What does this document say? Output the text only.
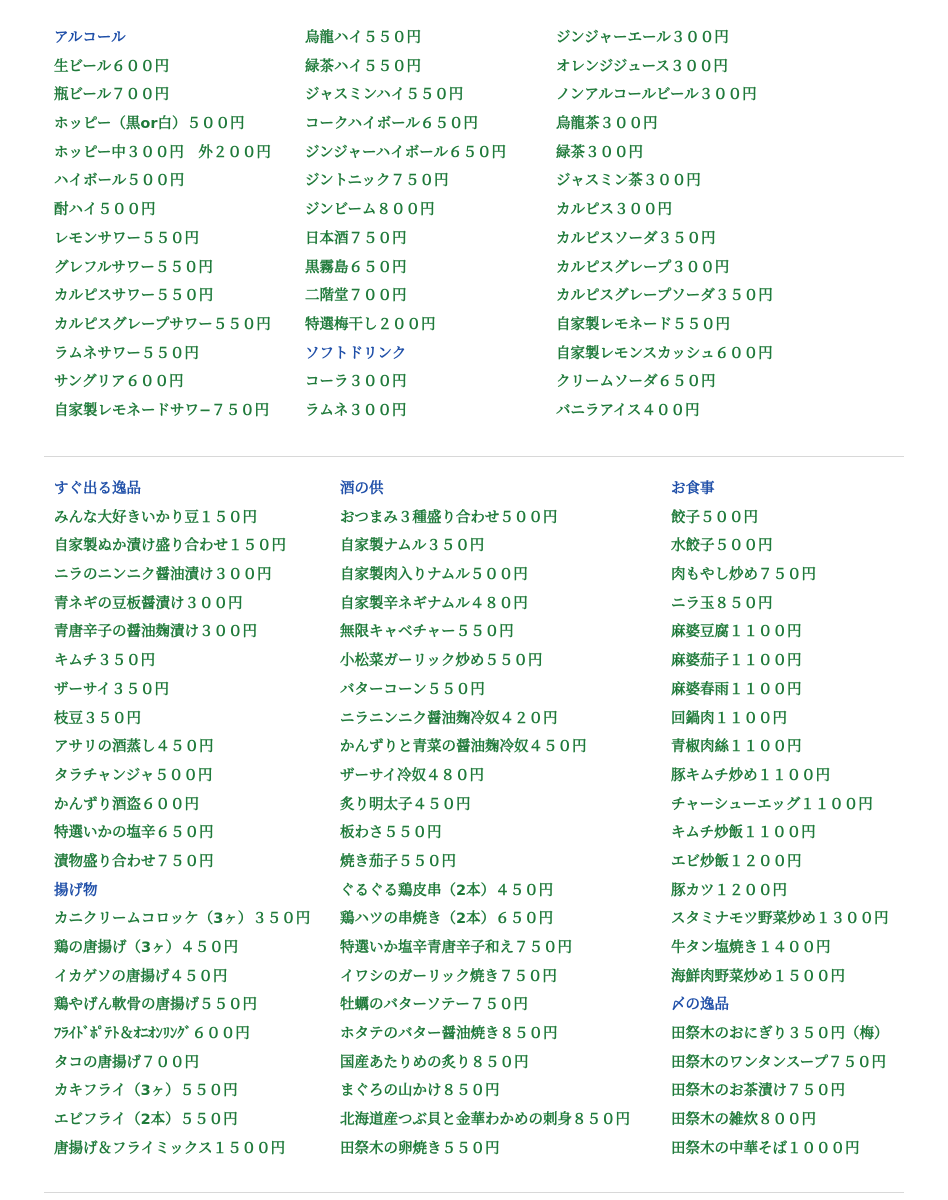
アルコール
生ビール６００円
瓶ビール７００円
ホッピー（黒or白）５００円
ホッピー中３００円　外２００円
ハイボール５００円
酎ハイ５００円
レモンサワー５５０円
グレフルサワー５５０円
カルピスサワー５５０円
カルピスグレープサワー５５０円
ラムネサワー５５０円
サングリア６００円
自家製レモネードサワ−７５０円
烏龍ハイ５５０円
緑茶ハイ５５０円
ジャスミンハイ５５０円
コークハイボール６５０円
ジンジャーハイボール６５０円
ジントニック７５０円
ジンビーム８００円
日本酒７５０円
黒霧島６５０円
二階堂７００円
特選梅干し２００円
ソフトドリンク
コーラ３００円
ラムネ３００円
ジンジャーエール３００円
オレンジジュース３００円
ノンアルコールビール３００円
烏龍茶３００円
緑茶３００円
ジャスミン茶３００円
カルピス３００円
カルピスソーダ３５０円
カルピスグレープ３００円
カルピスグレープソーダ３５０円
自家製レモネード５５０円
自家製レモンスカッシュ６００円
クリームソーダ６５０円
バニラアイス４００円
すぐ出る逸品
みんな大好きいかり豆１５０円
自家製ぬか漬け盛り合わせ１５０円
ニラのニンニク醤油漬け３００円
青ネギの豆板醤漬け３００円
青唐辛子の醤油麹漬け３００円
キムチ３５０円
ザーサイ３５０円
枝豆３５０円
アサリの酒蒸し４５０円
タラチャンジャ５００円
かんずり酒盗６００円
特選いかの塩辛６５０円
漬物盛り合わせ７５０円
揚げ物
カニクリームコロッケ（3ヶ）３５０円
鶏の唐揚げ（3ヶ）４５０円
イカゲソの唐揚げ４５０円
鶏やげん軟骨の唐揚げ５５０円
ﾌﾗｲﾄﾞﾎﾟﾃﾄ＆ｵﾆｵﾝﾘﾝｸﾞ６００円
タコの唐揚げ７００円
カキフライ（3ヶ）５５０円
エビフライ（2本）５５０円
唐揚げ＆フライミックス１５００円
酒の供
おつまみ３種盛り合わせ５００円
自家製ナムル３５０円
自家製肉入りナムル５００円
自家製辛ネギナムル４８０円
無限キャベチャー５５０円
小松菜ガーリック炒め５５０円
バターコーン５５０円
ニラニンニク醤油麹冷奴４２０円
かんずりと青菜の醤油麹冷奴４５０円
ザーサイ冷奴４８０円
炙り明太子４５０円
板わさ５５０円
焼き茄子５５０円
ぐるぐる鶏皮串（2本）４５０円
鶏ハツの串焼き（2本）６５０円
特選いか塩辛青唐辛子和え７５０円
イワシのガーリック焼き７５０円
牡蠣のバターソテー７５０円
ホタテのバター醤油焼き８５０円
国産あたりめの炙り８５０円
まぐろの山かけ８５０円
北海道産つぶ貝と金華わかめの刺身８５０円
田祭木の卵焼き５５０円
お食事
餃子５００円
水餃子５００円
肉もやし炒め７５０円
ニラ玉８５０円
麻婆豆腐１１００円
麻婆茄子１１００円
麻婆春雨１１００円
回鍋肉１１００円
青椒肉絲１１００円
豚キムチ炒め１１００円
チャーシューエッグ１１００円
キムチ炒飯１１００円
エビ炒飯１２００円
豚カツ１２００円
スタミナモツ野菜炒め１３００円
牛タン塩焼き１４００円
海鮮肉野菜炒め１５００円
〆の逸品
田祭木のおにぎり３５０円（梅）
田祭木のワンタンスープ７５０円
田祭木のお茶漬け７５０円
田祭木の雑炊８００円
田祭木の中華そば１０００円
